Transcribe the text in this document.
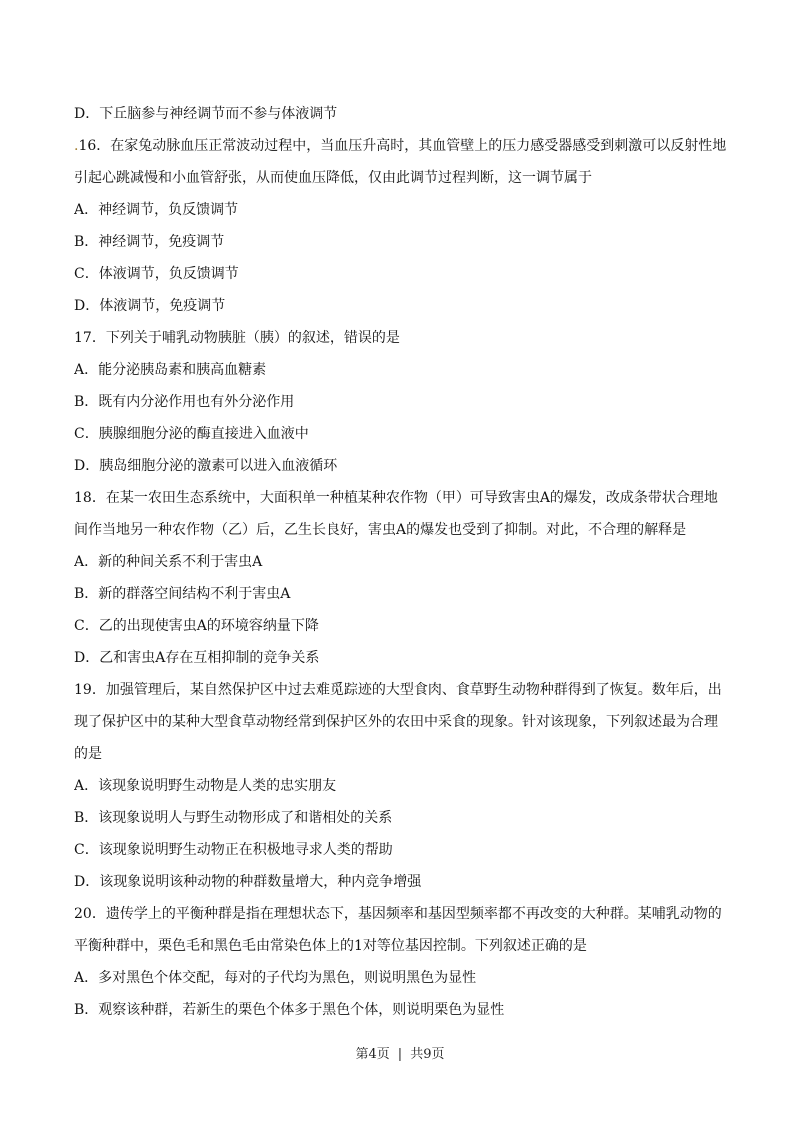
D．下丘脑参与神经调节而不参与体液调节
.16．在家兔动脉血压正常波动过程中，当血压升高时，其血管壁上的压力感受器感受到刺激可以反射性地
引起心跳减慢和小血管舒张，从而使血压降低，仅由此调节过程判断，这一调节属于
A．神经调节，负反馈调节
B．神经调节，免疫调节
C．体液调节，负反馈调节
D．体液调节，免疫调节
17．下列关于哺乳动物胰脏（胰）的叙述，错误的是
A．能分泌胰岛素和胰高血糖素
B．既有内分泌作用也有外分泌作用
C．胰腺细胞分泌的酶直接进入血液中
D．胰岛细胞分泌的激素可以进入血液循环
18．在某一农田生态系统中，大面积单一种植某种农作物（甲）可导致害虫A的爆发，改成条带状合理地
间作当地另一种农作物（乙）后，乙生长良好，害虫A的爆发也受到了抑制。对此，不合理的解释是
A．新的种间关系不利于害虫A
B．新的群落空间结构不利于害虫A
C．乙的出现使害虫A的环境容纳量下降
D．乙和害虫A存在互相抑制的竞争关系
19．加强管理后，某自然保护区中过去难觅踪迹的大型食肉、食草野生动物种群得到了恢复。数年后，出
现了保护区中的某种大型食草动物经常到保护区外的农田中采食的现象。针对该现象，下列叙述最为合理
的是
A．该现象说明野生动物是人类的忠实朋友
B．该现象说明人与野生动物形成了和谐相处的关系
C．该现象说明野生动物正在积极地寻求人类的帮助
D．该现象说明该种动物的种群数量增大，种内竞争增强
20．遗传学上的平衡种群是指在理想状态下，基因频率和基因型频率都不再改变的大种群。某哺乳动物的
平衡种群中，栗色毛和黑色毛由常染色体上的1对等位基因控制。下列叙述正确的是
A．多对黑色个体交配，每对的子代均为黑色，则说明黑色为显性
B．观察该种群，若新生的栗色个体多于黑色个体，则说明栗色为显性
第4页 | 共9页
